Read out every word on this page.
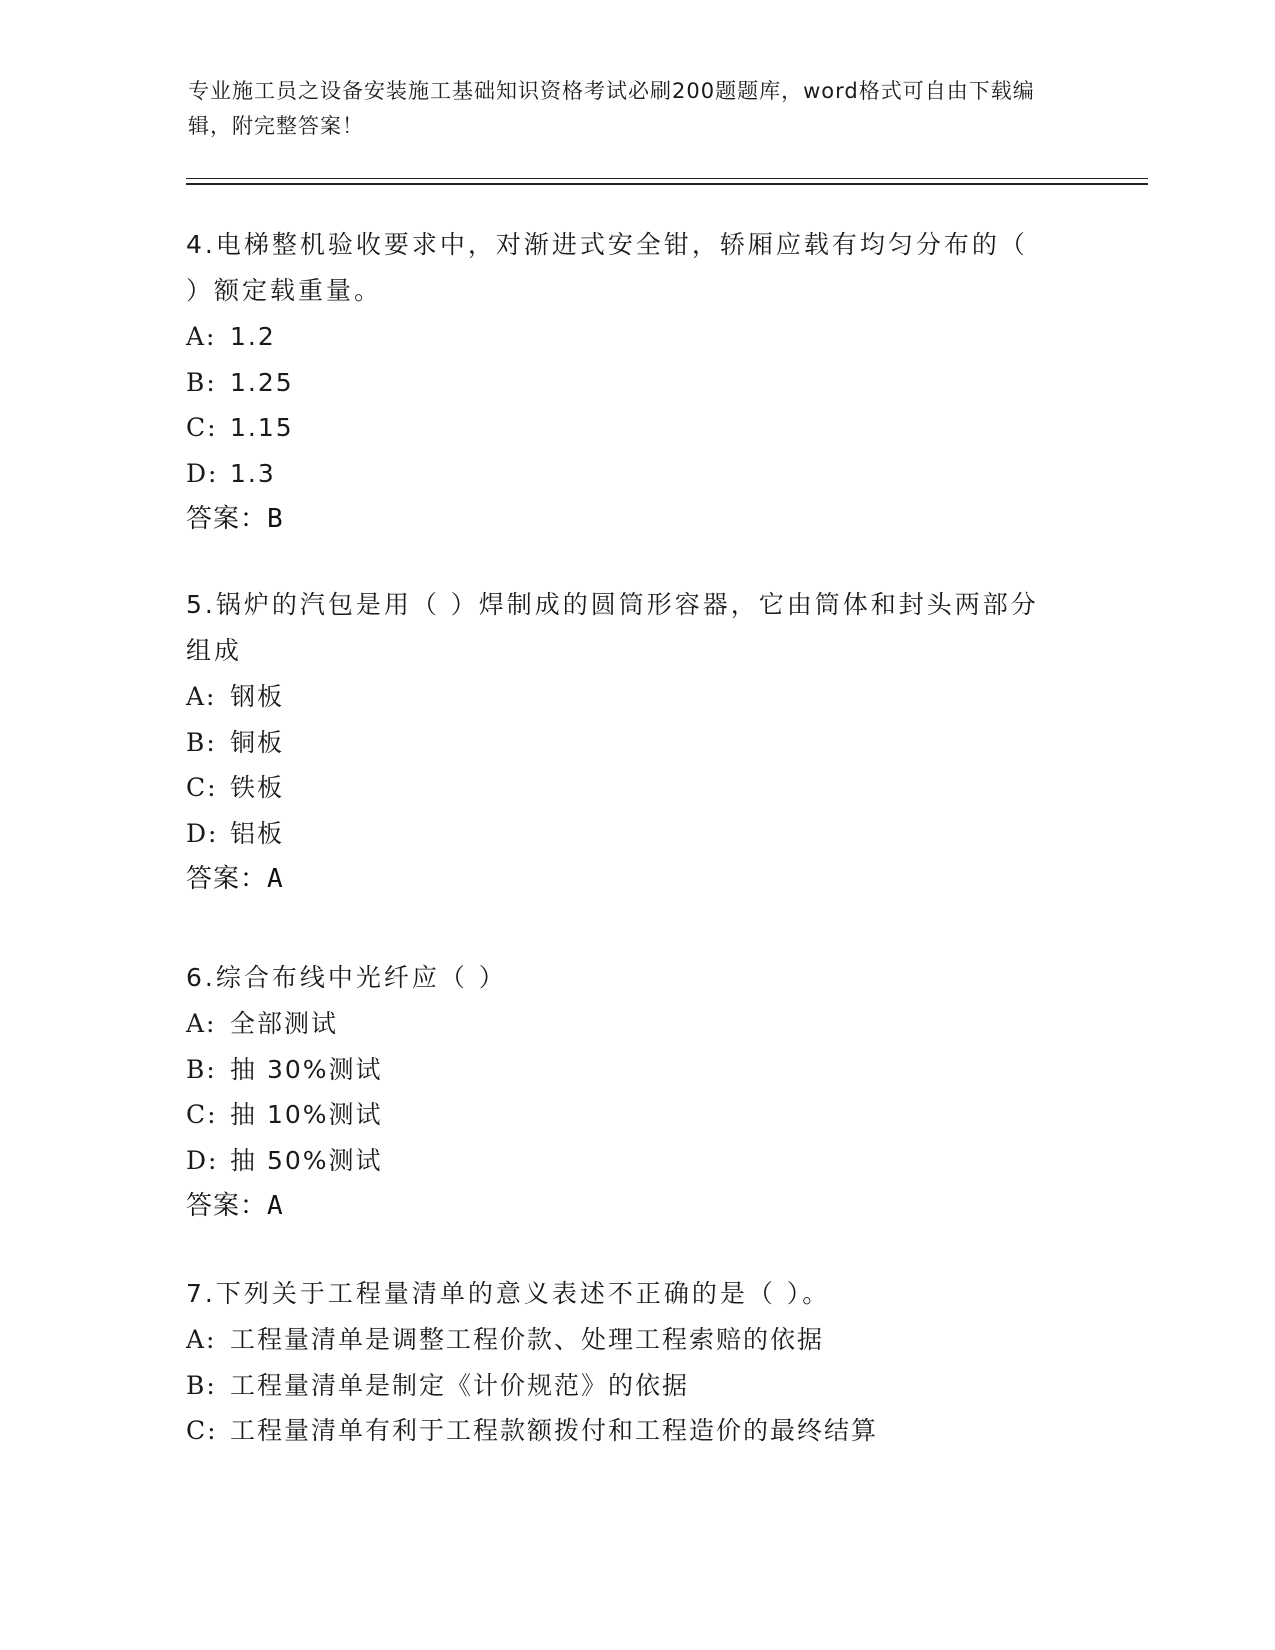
专业施工员之设备安装施工基础知识资格考试必刷200题题库，word格式可自由下载编辑，附完整答案！
4.电梯整机验收要求中，对渐进式安全钳，轿厢应载有均匀分布的（ ）额定载重量。
A: 1.2
B: 1.25
C: 1.15
D: 1.3
答案：B
5.锅炉的汽包是用（ ）焊制成的圆筒形容器，它由筒体和封头两部分组成
A: 钢板
B: 铜板
C: 铁板
D: 铝板
答案：A
6.综合布线中光纤应（ ）
A: 全部测试
B: 抽 30%测试
C: 抽 10%测试
D: 抽 50%测试
答案：A
7.下列关于工程量清单的意义表述不正确的是（ ）。
A: 工程量清单是调整工程价款、处理工程索赔的依据
B: 工程量清单是制定《计价规范》的依据
C: 工程量清单有利于工程款额拨付和工程造价的最终结算
